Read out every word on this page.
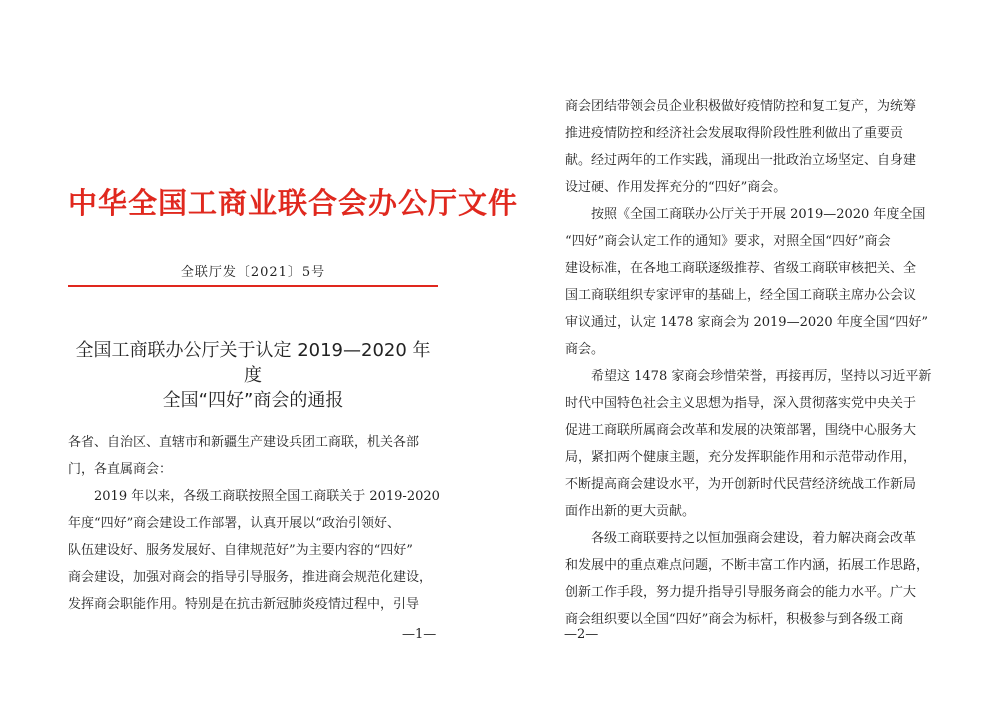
中华全国工商业联合会办公厅文件
全联厅发〔2021〕5号
全国工商联办公厅关于认定 2019—2020 年
度
全国“四好”商会的通报
各省、自治区、直辖市和新疆生产建设兵团工商联，机关各部
门，各直属商会：
　　2019 年以来，各级工商联按照全国工商联关于 2019-2020
年度“四好”商会建设工作部署，认真开展以“政治引领好、
队伍建设好、服务发展好、自律规范好”为主要内容的“四好”
商会建设，加强对商会的指导引导服务，推进商会规范化建设，
发挥商会职能作用。特别是在抗击新冠肺炎疫情过程中，引导
—1—	—2—
商会团结带领会员企业积极做好疫情防控和复工复产，为统筹
推进疫情防控和经济社会发展取得阶段性胜利做出了重要贡
献。经过两年的工作实践，涌现出一批政治立场坚定、自身建
设过硬、作用发挥充分的“四好”商会。
　　按照《全国工商联办公厅关于开展 2019—2020 年度全国
“四好”商会认定工作的通知》要求，对照全国“四好”商会
建设标准，在各地工商联逐级推荐、省级工商联审核把关、全
国工商联组织专家评审的基础上，经全国工商联主席办公会议
审议通过，认定 1478 家商会为 2019—2020 年度全国“四好”
商会。
　　希望这 1478 家商会珍惜荣誉，再接再厉，坚持以习近平新
时代中国特色社会主义思想为指导，深入贯彻落实党中央关于
促进工商联所属商会改革和发展的决策部署，围绕中心服务大
局，紧扣两个健康主题，充分发挥职能作用和示范带动作用，
不断提高商会建设水平，为开创新时代民营经济统战工作新局
面作出新的更大贡献。
　　各级工商联要持之以恒加强商会建设，着力解决商会改革
和发展中的重点难点问题，不断丰富工作内涵，拓展工作思路，
创新工作手段，努力提升指导引导服务商会的能力水平。广大
商会组织要以全国“四好”商会为标杆，积极参与到各级工商
